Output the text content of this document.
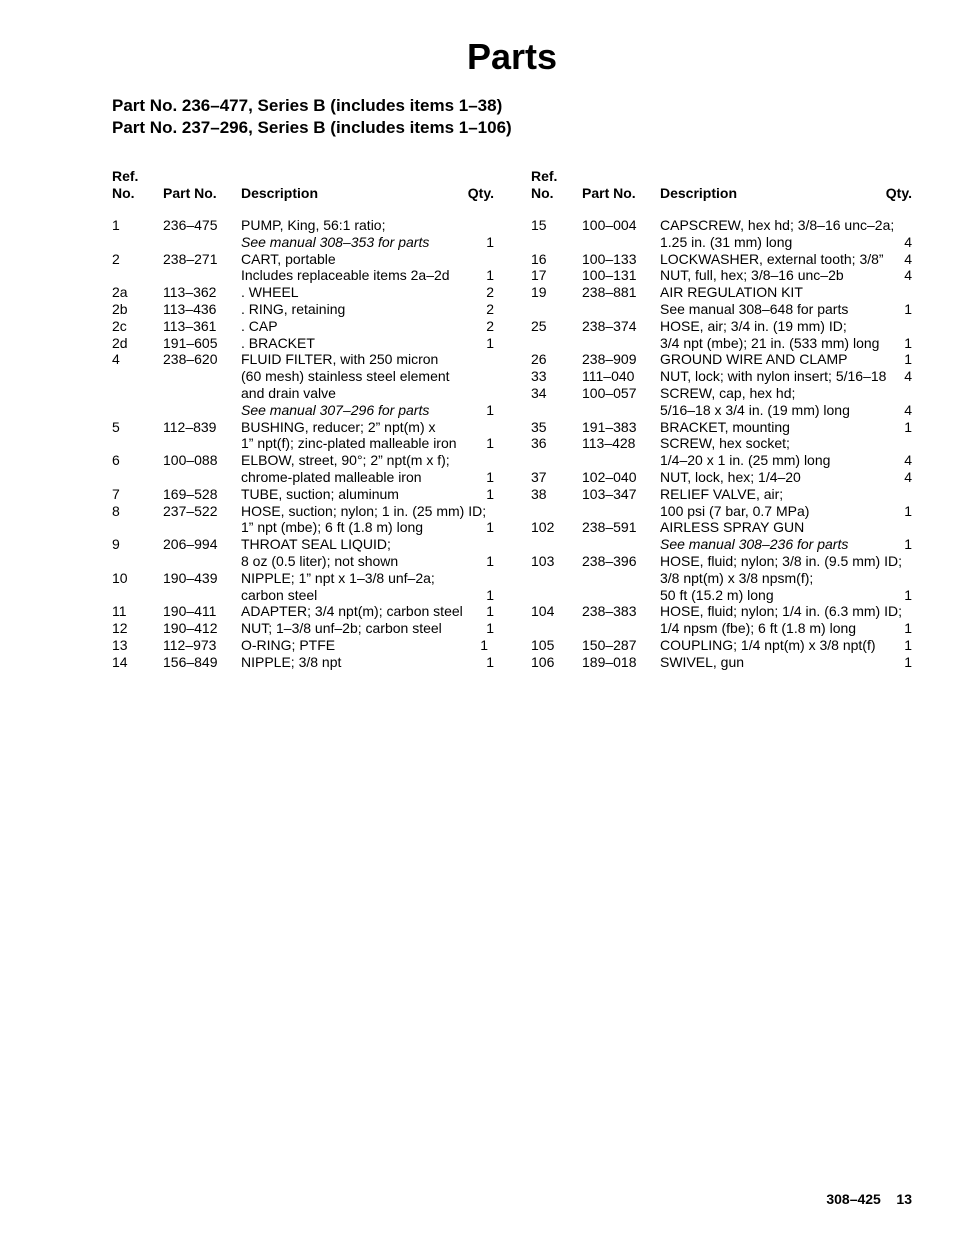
Parts
Part No. 236–477, Series B (includes items 1–38)
Part No. 237–296, Series B (includes items 1–106)
Ref.
No. Part No. Description	Qty.
1	236–475 PUMP, King, 56:1 ratio;
See manual 308–353 for parts	1
2	238–271 CART, portable
Includes replaceable items 2a–2d	1
2a	113–362 . WHEEL	2
2b	113–436 . RING, retaining	2
2c	113–361 . CAP	2
2d	191–605 . BRACKET	1
4	238–620 FLUID FILTER, with 250 micron
(60 mesh) stainless steel element
and drain valve
See manual 307–296 for parts	1
5	112–839 BUSHING, reducer; 2” npt(m) x
1” npt(f); zinc-plated malleable iron	1
6	100–088 ELBOW, street, 90°; 2” npt(m x f);
chrome-plated malleable iron	1
7	169–528 TUBE, suction; aluminum	1
8	237–522 HOSE, suction; nylon; 1 in. (25 mm) ID;
1” npt (mbe); 6 ft (1.8 m) long	1
9	206–994 THROAT SEAL LIQUID;
8 oz (0.5 liter); not shown	1
10	190–439 NIPPLE; 1” npt x 1–3/8 unf–2a;
carbon steel	1
11	190–411 ADAPTER; 3/4 npt(m); carbon steel	1
12	190–412 NUT; 1–3/8 unf–2b; carbon steel	1
13	112–973 O-RING; PTFE	1
14	156–849 NIPPLE; 3/8 npt	1
Ref.
No. Part No. Description	Qty.
15	100–004 CAPSCREW, hex hd; 3/8–16 unc–2a;
1.25 in. (31 mm) long	4
16	100–133 LOCKWASHER, external tooth; 3/8”	4
17	100–131 NUT, full, hex; 3/8–16 unc–2b	4
19	238–881 AIR REGULATION KIT
See manual 308–648 for parts	1
25	238–374 HOSE, air; 3/4 in. (19 mm) ID;
3/4 npt (mbe); 21 in. (533 mm) long	1
26	238–909 GROUND WIRE AND CLAMP	1
33	111–040 NUT, lock; with nylon insert; 5/16–18	4
34	100–057 SCREW, cap, hex hd;
5/16–18 x 3/4 in. (19 mm) long	4
35	191–383 BRACKET, mounting	1
36	113–428 SCREW, hex socket;
1/4–20 x 1 in. (25 mm) long	4
37	102–040 NUT, lock, hex; 1/4–20	4
38	103–347 RELIEF VALVE, air;
100 psi (7 bar, 0.7 MPa)	1
102 238–591 AIRLESS SPRAY GUN
See manual 308–236 for parts	1
103 238–396 HOSE, fluid; nylon; 3/8 in. (9.5 mm) ID;
3/8 npt(m) x 3/8 npsm(f);
50 ft (15.2 m) long	1
104 238–383 HOSE, fluid; nylon; 1/4 in. (6.3 mm) ID;
1/4 npsm (fbe); 6 ft (1.8 m) long	1
105 150–287 COUPLING; 1/4 npt(m) x 3/8 npt(f)	1
106 189–018 SWIVEL, gun	1
308–425 13
